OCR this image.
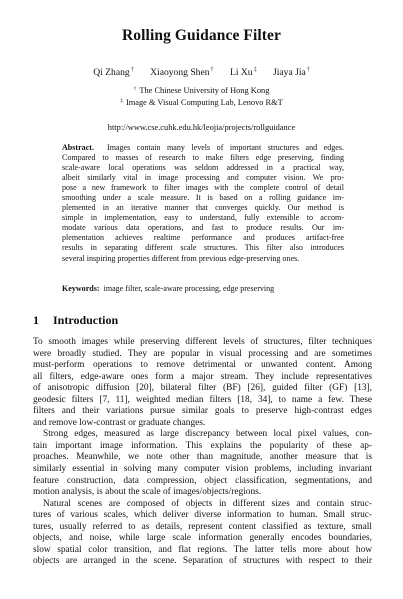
Rolling Guidance Filter
Qi Zhang† Xiaoyong Shen† Li Xu‡ Jiaya Jia†
† The Chinese University of Hong Kong
‡ Image & Visual Computing Lab, Lenovo R&T
http://www.cse.cuhk.edu.hk/leojia/projects/rollguidance
Abstract. Images contain many levels of important structures and edges.
Compared to masses of research to make filters edge preserving, finding
scale-aware local operations was seldom addressed in a practical way,
albeit similarly vital in image processing and computer vision. We pro-
pose a new framework to filter images with the complete control of detail
smoothing under a scale measure. It is based on a rolling guidance im-
plemented in an iterative manner that converges quickly. Our method is
simple in implementation, easy to understand, fully extensible to accom-
modate various data operations, and fast to produce results. Our im-
plementation achieves realtime performance and produces artifact-free
results in separating different scale structures. This filter also introduces
several inspiring properties different from previous edge-preserving ones.
Keywords: image filter, scale-aware processing, edge preserving
1 Introduction
To smooth images while preserving different levels of structures, filter techniques
were broadly studied. They are popular in visual processing and are sometimes
must-perform operations to remove detrimental or unwanted content. Among
all filters, edge-aware ones form a major stream. They include representatives
of anisotropic diffusion [20], bilateral filter (BF) [26], guided filter (GF) [13],
geodesic filters [7, 11], weighted median filters [18, 34], to name a few. These
filters and their variations pursue similar goals to preserve high-contrast edges
and remove low-contrast or graduate changes.
Strong edges, measured as large discrepancy between local pixel values, con-
tain important image information. This explains the popularity of these ap-
proaches. Meanwhile, we note other than magnitude, another measure that is
similarly essential in solving many computer vision problems, including invariant
feature construction, data compression, object classification, segmentations, and
motion analysis, is about the scale of images/objects/regions.
Natural scenes are composed of objects in different sizes and contain struc-
tures of various scales, which deliver diverse information to human. Small struc-
tures, usually referred to as details, represent content classified as texture, small
objects, and noise, while large scale information generally encodes boundaries,
slow spatial color transition, and flat regions. The latter tells more about how
objects are arranged in the scene. Separation of structures with respect to their
